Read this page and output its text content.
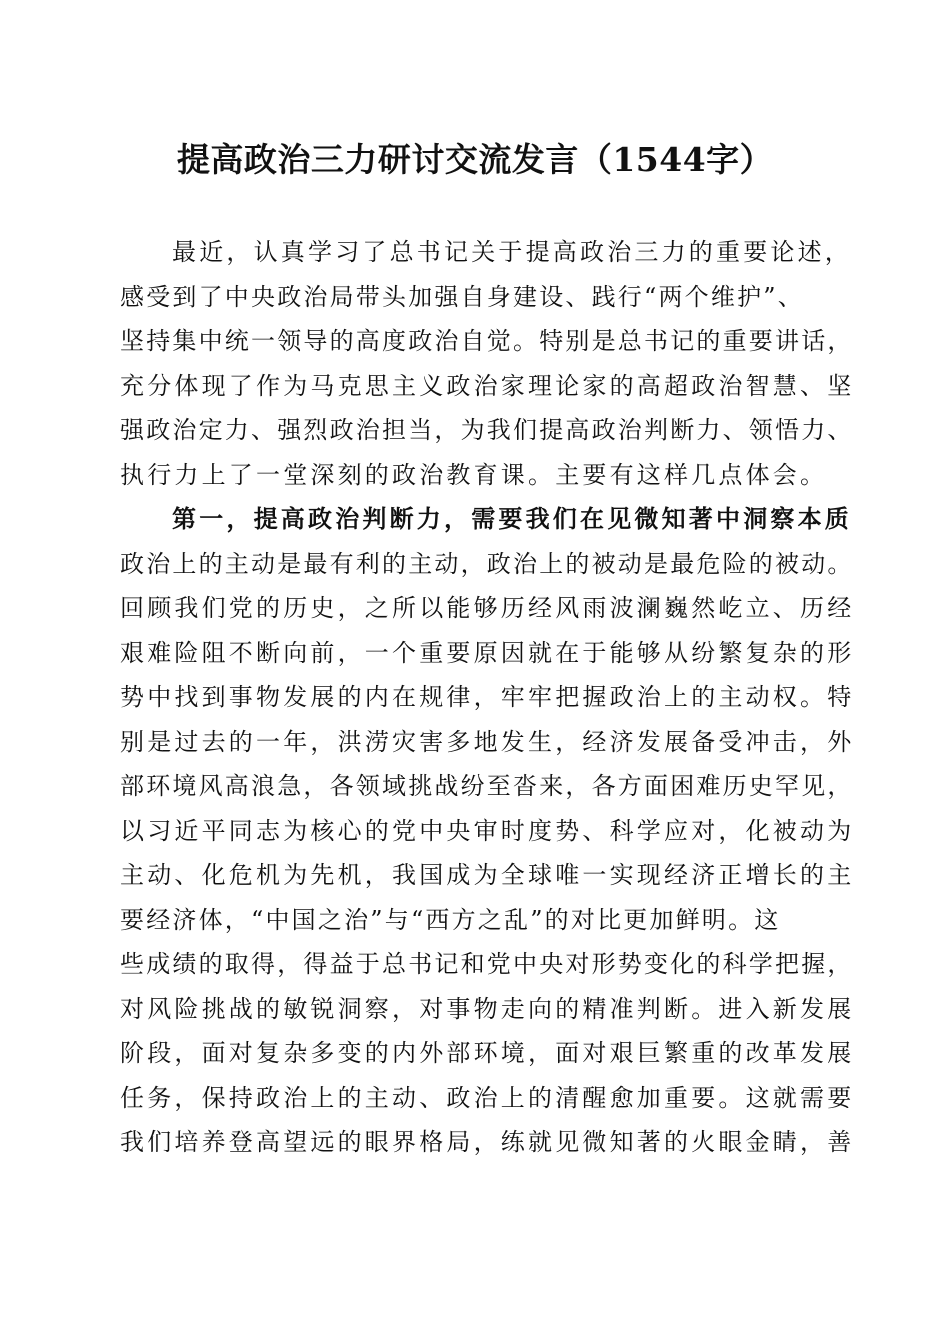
提高政治三力研讨交流发言（1544字）
最近，认真学习了总书记关于提高政治三力的重要论述，
感受到了中央政治局带头加强自身建设、践行“两个维护”、
坚持集中统一领导的高度政治自觉。特别是总书记的重要讲话，
充分体现了作为马克思主义政治家理论家的高超政治智慧、坚
强政治定力、强烈政治担当，为我们提高政治判断力、领悟力、
执行力上了一堂深刻的政治教育课。主要有这样几点体会。
第一，提高政治判断力，需要我们在见微知著中洞察本质
政治上的主动是最有利的主动，政治上的被动是最危险的被动。
回顾我们党的历史，之所以能够历经风雨波澜巍然屹立、历经
艰难险阻不断向前，一个重要原因就在于能够从纷繁复杂的形
势中找到事物发展的内在规律，牢牢把握政治上的主动权。特
别是过去的一年，洪涝灾害多地发生，经济发展备受冲击，外
部环境风高浪急，各领域挑战纷至沓来，各方面困难历史罕见，
以习近平同志为核心的党中央审时度势、科学应对，化被动为
主动、化危机为先机，我国成为全球唯一实现经济正增长的主
要经济体，“中国之治”与“西方之乱”的对比更加鲜明。这
些成绩的取得，得益于总书记和党中央对形势变化的科学把握，
对风险挑战的敏锐洞察，对事物走向的精准判断。进入新发展
阶段，面对复杂多变的内外部环境，面对艰巨繁重的改革发展
任务，保持政治上的主动、政治上的清醒愈加重要。这就需要
我们培养登高望远的眼界格局，练就见微知著的火眼金睛，善
